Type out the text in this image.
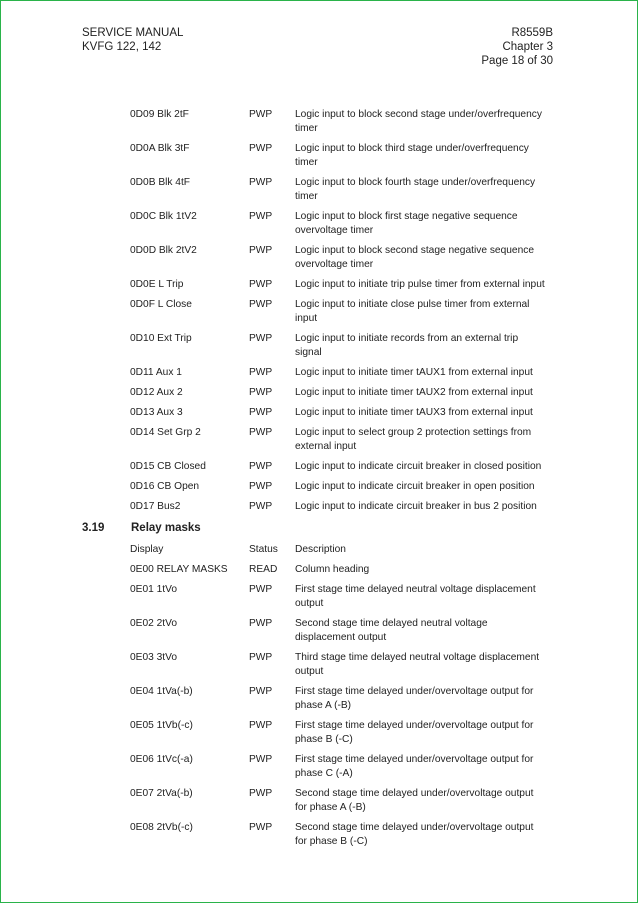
SERVICE MANUAL
KVFG 122, 142
R8559B
Chapter 3
Page 18 of 30
0D09 Blk 2tF	PWP	Logic input to block second stage under/overfrequency
timer
0D0A Blk 3tF	PWP	Logic input to block third stage under/overfrequency
timer
0D0B Blk 4tF	PWP	Logic input to block fourth stage under/overfrequency
timer
0D0C Blk 1tV2	PWP	Logic input to block first stage negative sequence
overvoltage timer
0D0D Blk 2tV2	PWP	Logic input to block second stage negative sequence
overvoltage timer
0D0E L Trip	PWP	Logic input to initiate trip pulse timer from external input
0D0F L Close	PWP	Logic input to initiate close pulse timer from external
input
0D10 Ext Trip	PWP	Logic input to initiate records from an external trip
signal
0D11 Aux 1	PWP	Logic input to initiate timer tAUX1 from external input
0D12 Aux 2	PWP	Logic input to initiate timer tAUX2 from external input
0D13 Aux 3	PWP	Logic input to initiate timer tAUX3 from external input
0D14 Set Grp 2	PWP	Logic input to select group 2 protection settings from
external input
0D15 CB Closed	PWP	Logic input to indicate circuit breaker in closed position
0D16 CB Open	PWP	Logic input to indicate circuit breaker in open position
0D17 Bus2	PWP	Logic input to indicate circuit breaker in bus 2 position
3.19	Relay masks
Display	Status	Description
0E00 RELAY MASKS	READ	Column heading
0E01 1tVo	PWP	First stage time delayed neutral voltage displacement
output
0E02 2tVo	PWP	Second stage time delayed neutral voltage
displacement output
0E03 3tVo	PWP	Third stage time delayed neutral voltage displacement
output
0E04 1tVa(-b)	PWP	First stage time delayed under/overvoltage output for
phase A (-B)
0E05 1tVb(-c)	PWP	First stage time delayed under/overvoltage output for
phase B (-C)
0E06 1tVc(-a)	PWP	First stage time delayed under/overvoltage output for
phase C (-A)
0E07 2tVa(-b)	PWP	Second stage time delayed under/overvoltage output
for phase A (-B)
0E08 2tVb(-c)	PWP	Second stage time delayed under/overvoltage output
for phase B (-C)
